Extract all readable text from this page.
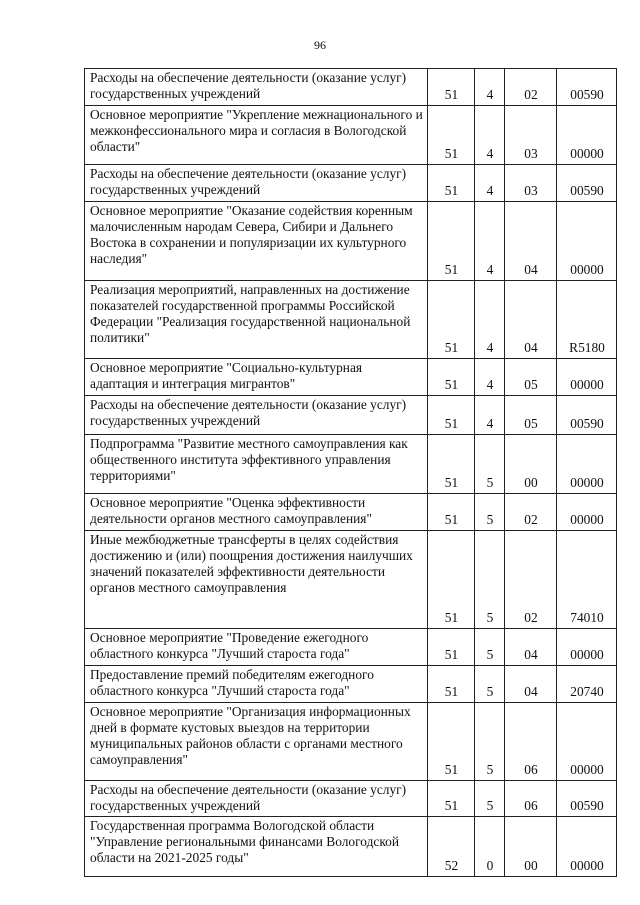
96
Расходы на обеспечение деятельности (оказание услуг) государственных учреждений	51	4	02	00590
Основное мероприятие "Укрепление межнационального и межконфессионального мира и согласия в Вологодской области"	51	4	03	00000
Расходы на обеспечение деятельности (оказание услуг) государственных учреждений	51	4	03	00590
Основное мероприятие "Оказание содействия коренным малочисленным народам Севера, Сибири и Дальнего Востока в сохранении и популяризации их культурного наследия"	51	4	04	00000
Реализация мероприятий, направленных на достижение показателей государственной программы Российской Федерации "Реализация государственной национальной политики"	51	4	04	R5180
Основное мероприятие "Социально-культурная адаптация и интеграция мигрантов"	51	4	05	00000
Расходы на обеспечение деятельности (оказание услуг) государственных учреждений	51	4	05	00590
Подпрограмма "Развитие местного самоуправления как общественного института эффективного управления территориями"	51	5	00	00000
Основное мероприятие "Оценка эффективности деятельности органов местного самоуправления"	51	5	02	00000
Иные межбюджетные трансферты в целях содействия достижению и (или) поощрения достижения наилучших значений показателей эффективности деятельности органов местного самоуправления	51	5	02	74010
Основное мероприятие "Проведение ежегодного областного конкурса "Лучший староста года"	51	5	04	00000
Предоставление премий победителям ежегодного областного конкурса "Лучший староста года"	51	5	04	20740
Основное мероприятие "Организация информационных дней в формате кустовых выездов на территории муниципальных районов области с органами местного самоуправления"	51	5	06	00000
Расходы на обеспечение деятельности (оказание услуг) государственных учреждений	51	5	06	00590
Государственная программа Вологодской области "Управление региональными финансами Вологодской области на 2021-2025 годы"	52	0	00	00000
